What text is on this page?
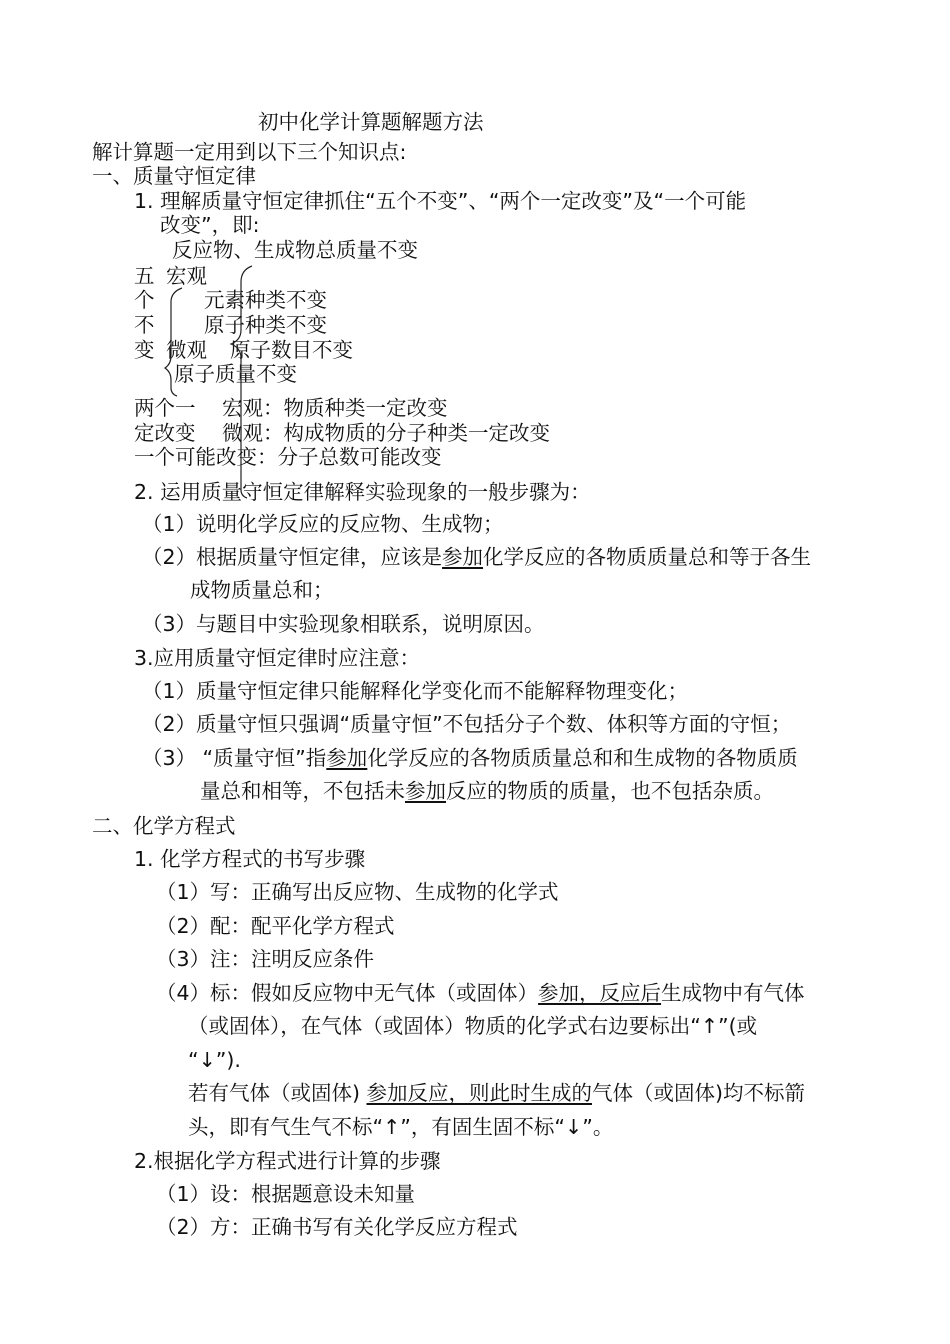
初中化学计算题解题方法
解计算题一定用到以下三个知识点:
一、质量守恒定律
1. 理解质量守恒定律抓住“五个不变”、“两个一定改变”及“一个可能
改变”，即:
反应物、生成物总质量不变
五 宏观
个 元素种类不变
不 原子种类不变
变 微观 原子数目不变
原子质量不变
两个一 宏观：物质种类一定改变
定改变 微观：构成物质的分子种类一定改变
一个可能改变：分子总数可能改变
2. 运用质量守恒定律解释实验现象的一般步骤为：
（1）说明化学反应的反应物、生成物；
（2）根据质量守恒定律，应该是参加化学反应的各物质质量总和等于各生
成物质量总和；
（3）与题目中实验现象相联系，说明原因。
3.应用质量守恒定律时应注意：
（1）质量守恒定律只能解释化学变化而不能解释物理变化；
（2）质量守恒只强调“质量守恒”不包括分子个数、体积等方面的守恒；
（3） “质量守恒”指参加化学反应的各物质质量总和和生成物的各物质质
量总和相等，不包括未参加反应的物质的质量，也不包括杂质。
二、化学方程式
1. 化学方程式的书写步骤
（1）写：正确写出反应物、生成物的化学式
（2）配：配平化学方程式
（3）注：注明反应条件
（4）标：假如反应物中无气体（或固体）参加，反应后生成物中有气体
（或固体），在气体（或固体）物质的化学式右边要标出“↑”(或
“↓”).
若有气体（或固体) 参加反应，则此时生成的气体（或固体)均不标箭
头，即有气生气不标“↑”，有固生固不标“↓”。
2.根据化学方程式进行计算的步骤
（1）设：根据题意设未知量
（2）方：正确书写有关化学反应方程式
